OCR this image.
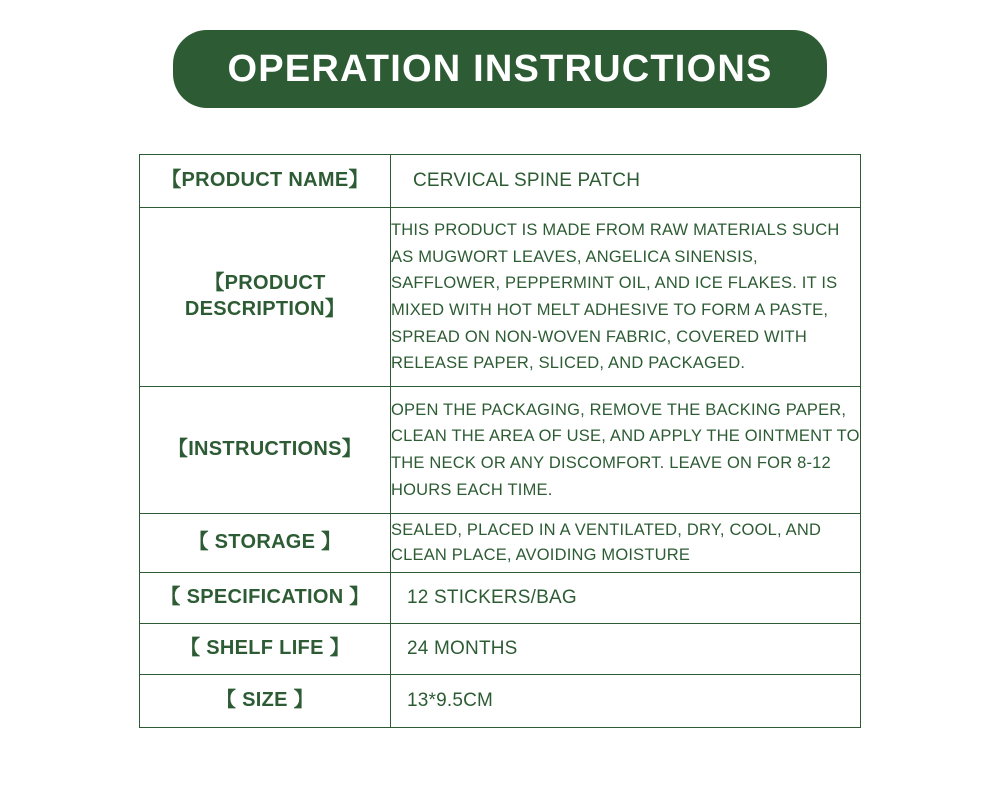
OPERATION INSTRUCTIONS
【PRODUCT NAME】	CERVICAL SPINE PATCH
【PRODUCT DESCRIPTION】	THIS PRODUCT IS MADE FROM RAW MATERIALS SUCH AS MUGWORT LEAVES, ANGELICA SINENSIS, SAFFLOWER, PEPPERMINT OIL, AND ICE FLAKES. IT IS MIXED WITH HOT MELT ADHESIVE TO FORM A PASTE, SPREAD ON NON-WOVEN FABRIC, COVERED WITH RELEASE PAPER, SLICED, AND PACKAGED.
【INSTRUCTIONS】	OPEN THE PACKAGING, REMOVE THE BACKING PAPER, CLEAN THE AREA OF USE, AND APPLY THE OINTMENT TO THE NECK OR ANY DISCOMFORT. LEAVE ON FOR 8-12 HOURS EACH TIME.
【 STORAGE 】	SEALED, PLACED IN A VENTILATED, DRY, COOL, AND CLEAN PLACE, AVOIDING MOISTURE
【 SPECIFICATION 】	12 STICKERS/BAG
【 SHELF LIFE 】	24 MONTHS
【 SIZE 】	13*9.5CM
